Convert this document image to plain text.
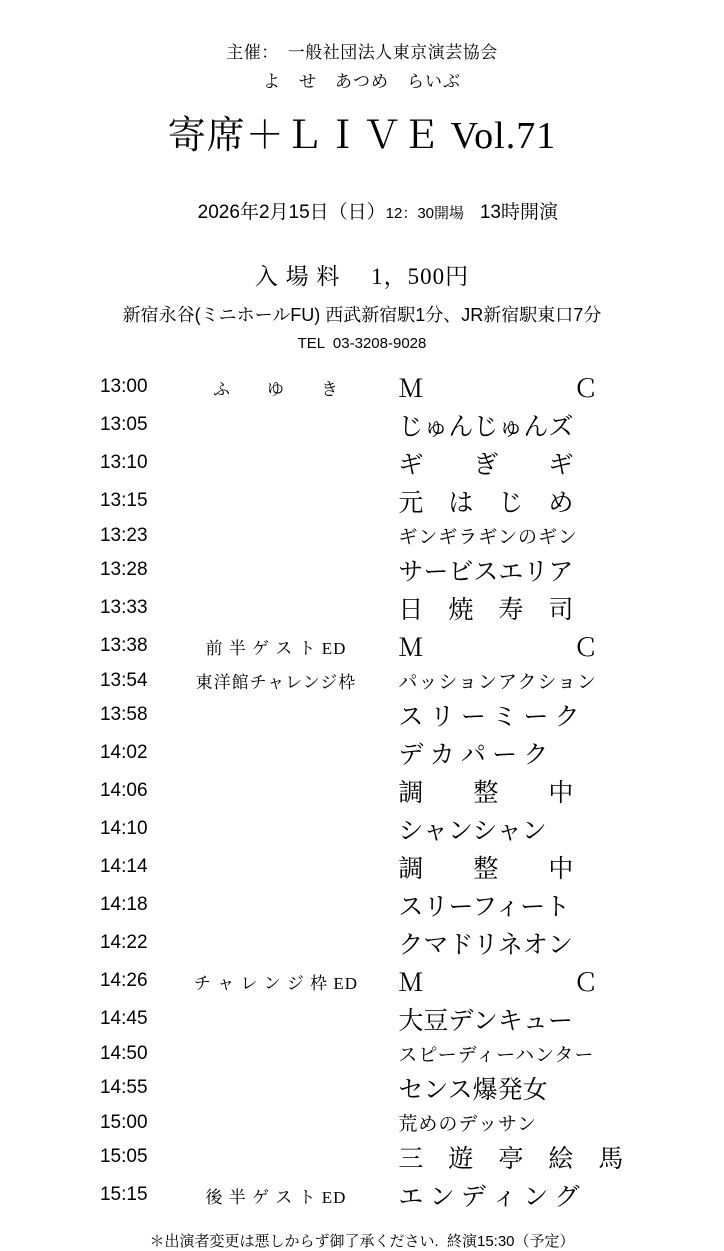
主催：　一般社団法人東京演芸協会
よ　せ　あつめ　らいぶ
寄席＋ＬＩＶＥ Vol.71

2026年2月15日（日）12：30開場 13時開演

入 場 料　 1，500円
新宿永谷(ミニホールFU) 西武新宿駅1分、JR新宿駅東口7分
TEL  03-3208-9028
13:00	ふ　　ゆ　　き	Ｍ　　　　　　Ｃ
13:05		じゅんじゅんズ
13:10		ギ　　ぎ　　ギ
13:15		元　は　じ　め
13:23		ギンギラギンのギン
13:28		サービスエリア
13:33		日　焼　寿　司
13:38	前 半 ゲ ス ト ED	Ｍ　　　　　　Ｃ
13:54	東洋館チャレンジ枠	パッションアクション
13:58		ス リ ー ミ ー ク
14:02		デ カ パ ー ク
14:06		調　　整　　中
14:10		シャンシャン
14:14		調　　整　　中
14:18		スリーフィート
14:22		クマドリネオン
14:26	チ ャ レ ン ジ 枠 ED	Ｍ　　　　　　Ｃ
14:45		大豆デンキュー
14:50		スピーディーハンター
14:55		センス爆発女
15:00		荒めのデッサン
15:05		三　遊　亭　絵　馬
15:15	後 半 ゲ ス ト ED	エ ン デ ィ ン グ
＊出演者変更は悪しからず御了承ください.  終演15:30（予定）
